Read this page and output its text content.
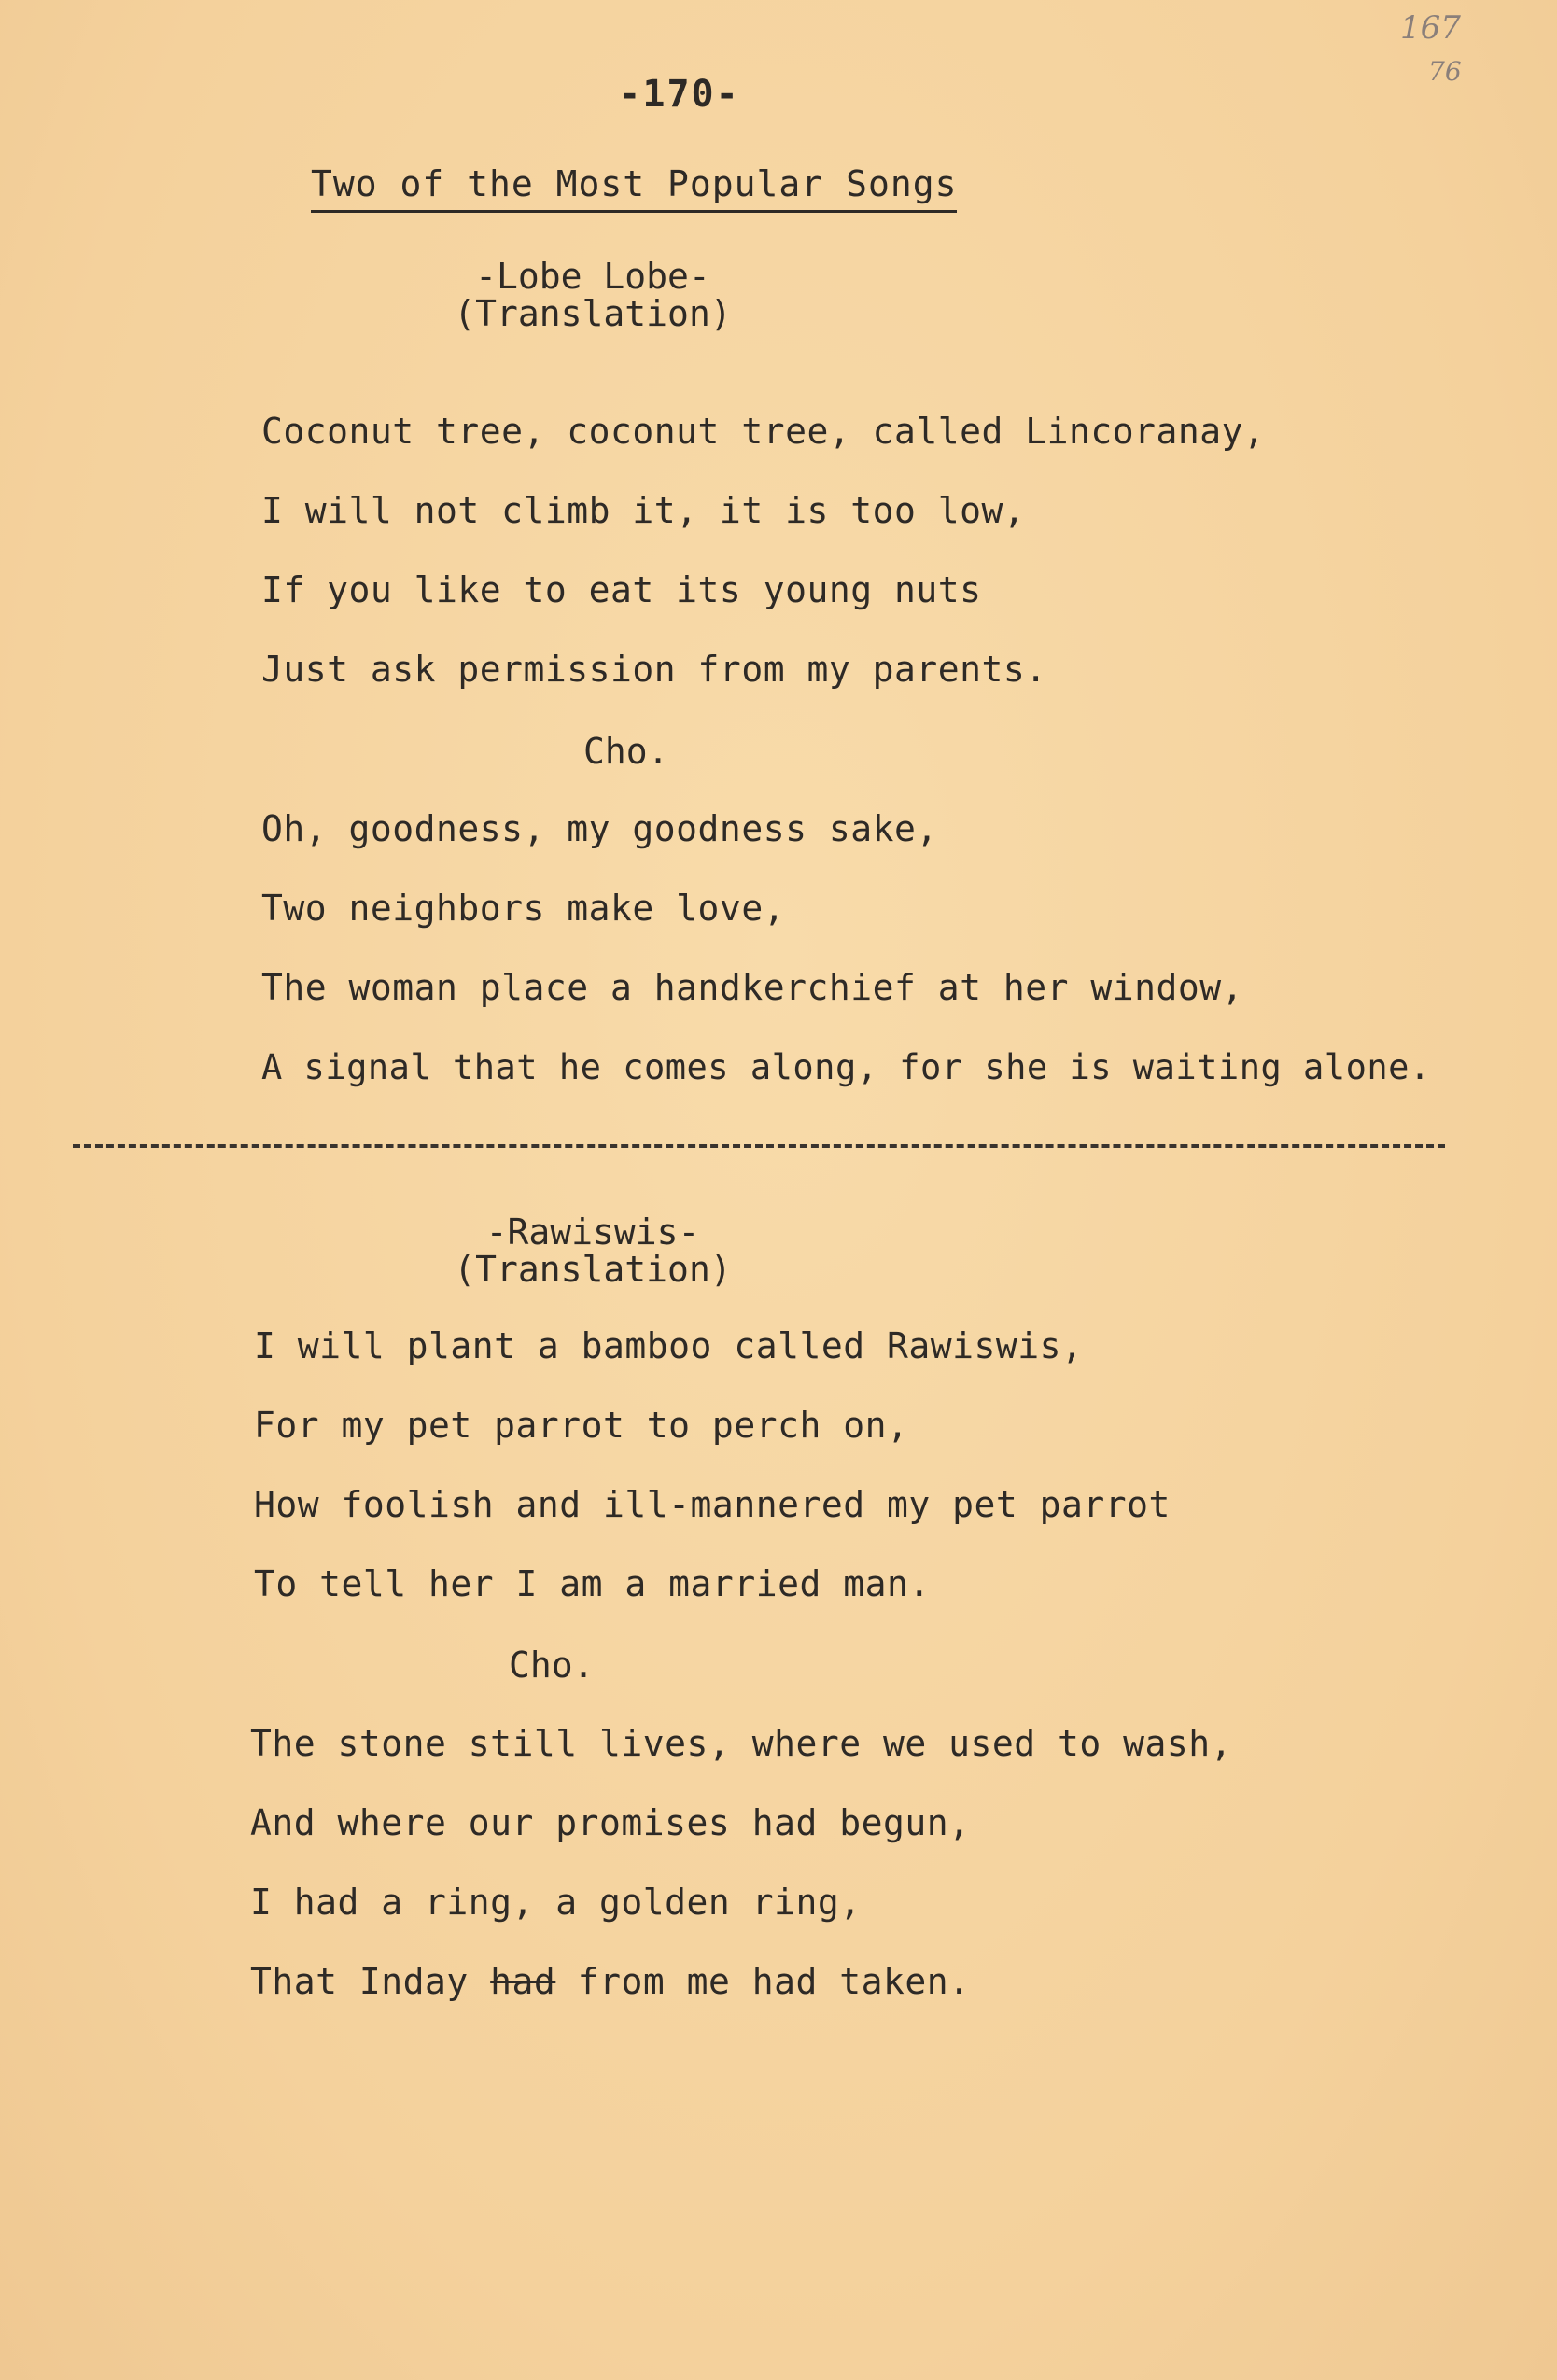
167
76
-170-
Two of the Most Popular Songs
-Lobe Lobe-
(Translation)
Coconut tree, coconut tree, called Lincoranay,
I will not climb it, it is too low,
If you like to eat its young nuts
Just ask permission from my parents.
Cho.
Oh, goodness, my goodness sake,
Two neighbors make love,
The woman place a handkerchief at her window,
A signal that he comes along, for she is waiting alone.
-Rawiswis-
(Translation)
I will plant a bamboo called Rawiswis,
For my pet parrot to perch on,
How foolish and ill-mannered my pet parrot
To tell her I am a married man.
Cho.
The stone still lives, where we used to wash,
And where our promises had begun,
I had a ring, a golden ring,
That Inday had from me had taken.
